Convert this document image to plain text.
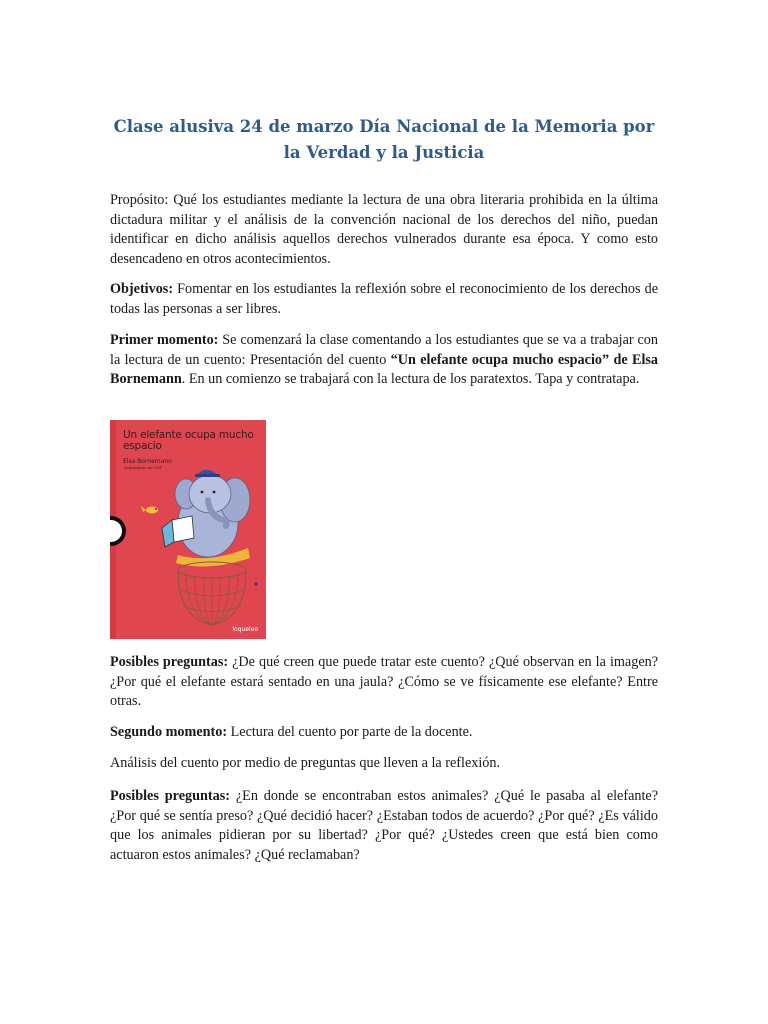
Clase alusiva 24 de marzo Día Nacional de la Memoria por la Verdad y la Justicia

Propósito: Qué los estudiantes mediante la lectura de una obra literaria prohibida en la última dictadura militar y el análisis de la convención nacional de los derechos del niño, puedan identificar en dicho análisis aquellos derechos vulnerados durante esa época. Y como esto desencadeno en otros acontecimientos.

Objetivos: Fomentar en los estudiantes la reflexión sobre el reconocimiento de los derechos de todas las personas a ser libres.

Primer momento: Se comenzará la clase comentando a los estudiantes que se va a trabajar con la lectura de un cuento: Presentación del cuento “Un elefante ocupa mucho espacio” de Elsa Bornemann. En un comienzo se trabajará con la lectura de los paratextos. Tapa y contratapa.

Un elefante ocupa mucho espacio
Elsa Bornemann
Ilustraciones de O'KIF
loqueleo

Posibles preguntas: ¿De qué creen que puede tratar este cuento? ¿Qué observan en la imagen? ¿Por qué el elefante estará sentado en una jaula? ¿Cómo se ve físicamente ese elefante? Entre otras.

Segundo momento: Lectura del cuento por parte de la docente.

Análisis del cuento por medio de preguntas que lleven a la reflexión.

Posibles preguntas: ¿En donde se encontraban estos animales? ¿Qué le pasaba al elefante? ¿Por qué se sentía preso? ¿Qué decidió hacer? ¿Estaban todos de acuerdo? ¿Por qué? ¿Es válido que los animales pidieran por su libertad? ¿Por qué? ¿Ustedes creen que está bien como actuaron estos animales? ¿Qué reclamaban?
